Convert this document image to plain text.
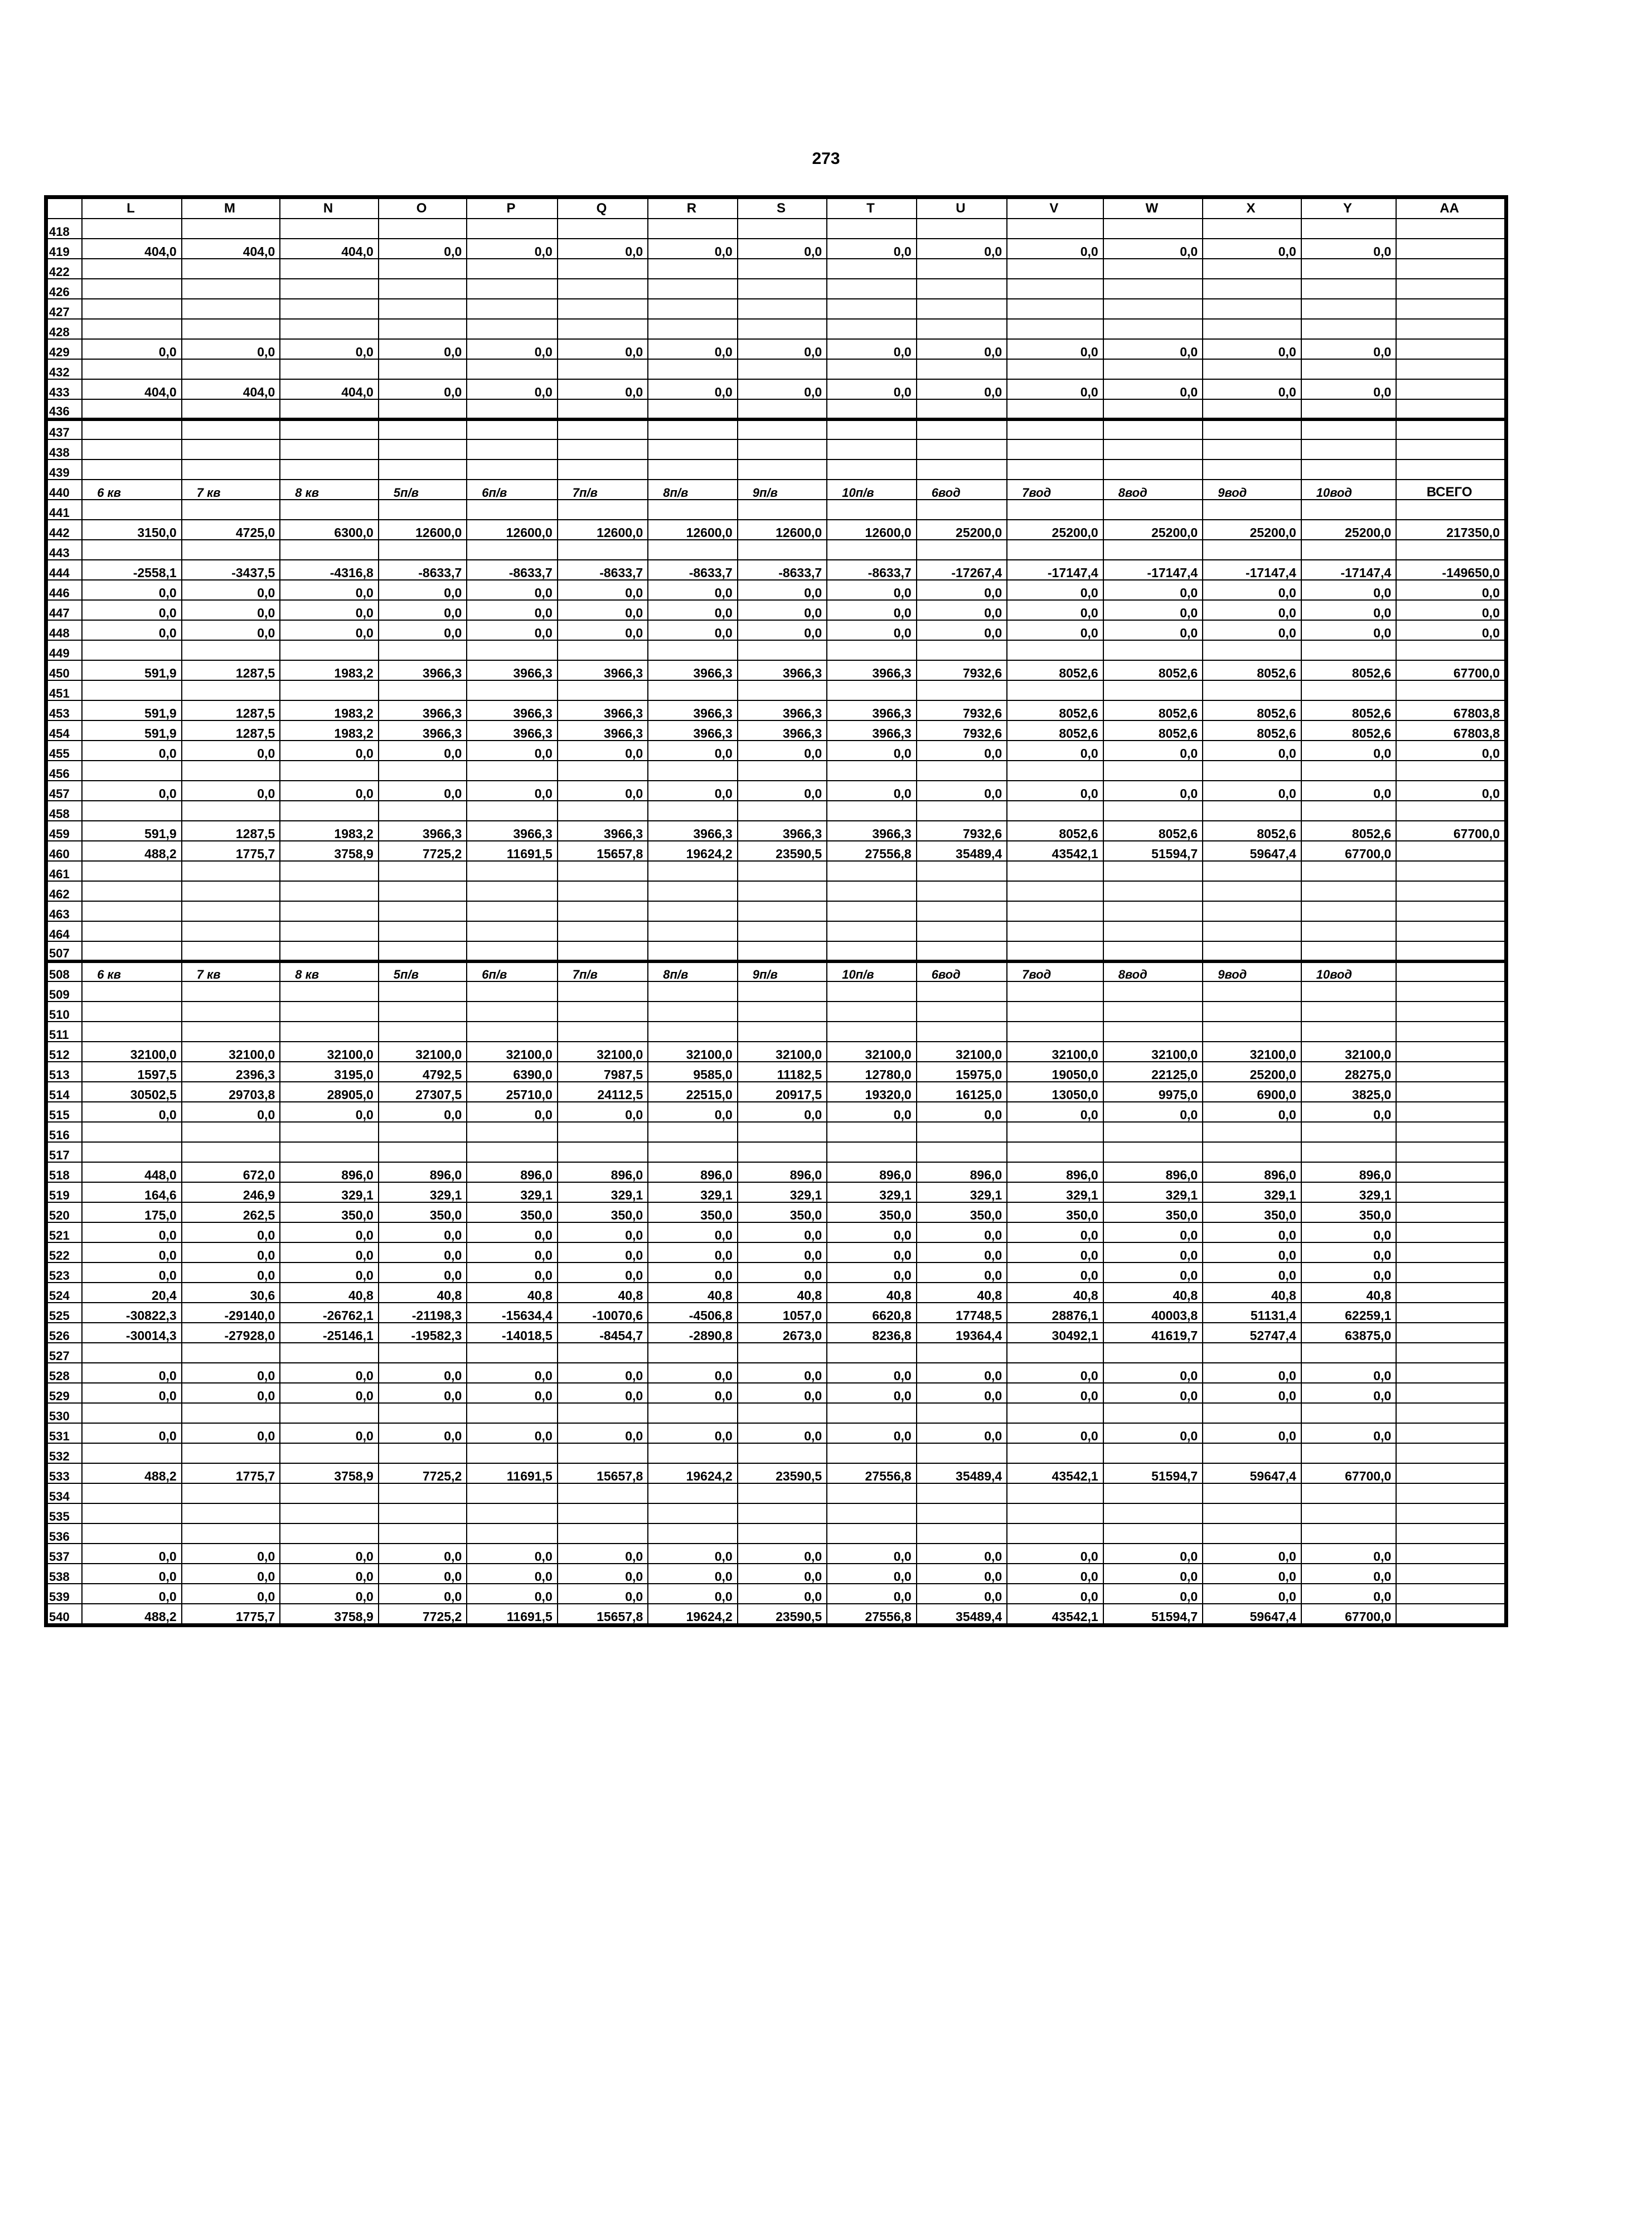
273
	L	M	N	O	P	Q	R	S	T	U	V	W	X	Y	AA
418															
419	404,0	404,0	404,0	0,0	0,0	0,0	0,0	0,0	0,0	0,0	0,0	0,0	0,0	0,0	
422															
426															
427															
428															
429	0,0	0,0	0,0	0,0	0,0	0,0	0,0	0,0	0,0	0,0	0,0	0,0	0,0	0,0	
432															
433	404,0	404,0	404,0	0,0	0,0	0,0	0,0	0,0	0,0	0,0	0,0	0,0	0,0	0,0	
436															
437															
438															
439															
440	6 кв	7 кв	8 кв	5п/в	6п/в	7п/в	8п/в	9п/в	10п/в	6вод	7вод	8вод	9вод	10вод	ВСЕГО
441															
442	3150,0	4725,0	6300,0	12600,0	12600,0	12600,0	12600,0	12600,0	12600,0	25200,0	25200,0	25200,0	25200,0	25200,0	217350,0
443															
444	-2558,1	-3437,5	-4316,8	-8633,7	-8633,7	-8633,7	-8633,7	-8633,7	-8633,7	-17267,4	-17147,4	-17147,4	-17147,4	-17147,4	-149650,0
446	0,0	0,0	0,0	0,0	0,0	0,0	0,0	0,0	0,0	0,0	0,0	0,0	0,0	0,0	0,0
447	0,0	0,0	0,0	0,0	0,0	0,0	0,0	0,0	0,0	0,0	0,0	0,0	0,0	0,0	0,0
448	0,0	0,0	0,0	0,0	0,0	0,0	0,0	0,0	0,0	0,0	0,0	0,0	0,0	0,0	0,0
449															
450	591,9	1287,5	1983,2	3966,3	3966,3	3966,3	3966,3	3966,3	3966,3	7932,6	8052,6	8052,6	8052,6	8052,6	67700,0
451															
453	591,9	1287,5	1983,2	3966,3	3966,3	3966,3	3966,3	3966,3	3966,3	7932,6	8052,6	8052,6	8052,6	8052,6	67803,8
454	591,9	1287,5	1983,2	3966,3	3966,3	3966,3	3966,3	3966,3	3966,3	7932,6	8052,6	8052,6	8052,6	8052,6	67803,8
455	0,0	0,0	0,0	0,0	0,0	0,0	0,0	0,0	0,0	0,0	0,0	0,0	0,0	0,0	0,0
456															
457	0,0	0,0	0,0	0,0	0,0	0,0	0,0	0,0	0,0	0,0	0,0	0,0	0,0	0,0	0,0
458															
459	591,9	1287,5	1983,2	3966,3	3966,3	3966,3	3966,3	3966,3	3966,3	7932,6	8052,6	8052,6	8052,6	8052,6	67700,0
460	488,2	1775,7	3758,9	7725,2	11691,5	15657,8	19624,2	23590,5	27556,8	35489,4	43542,1	51594,7	59647,4	67700,0	
461															
462															
463															
464															
507															
508	6 кв	7 кв	8 кв	5п/в	6п/в	7п/в	8п/в	9п/в	10п/в	6вод	7вод	8вод	9вод	10вод	
509															
510															
511															
512	32100,0	32100,0	32100,0	32100,0	32100,0	32100,0	32100,0	32100,0	32100,0	32100,0	32100,0	32100,0	32100,0	32100,0	
513	1597,5	2396,3	3195,0	4792,5	6390,0	7987,5	9585,0	11182,5	12780,0	15975,0	19050,0	22125,0	25200,0	28275,0	
514	30502,5	29703,8	28905,0	27307,5	25710,0	24112,5	22515,0	20917,5	19320,0	16125,0	13050,0	9975,0	6900,0	3825,0	
515	0,0	0,0	0,0	0,0	0,0	0,0	0,0	0,0	0,0	0,0	0,0	0,0	0,0	0,0	
516															
517															
518	448,0	672,0	896,0	896,0	896,0	896,0	896,0	896,0	896,0	896,0	896,0	896,0	896,0	896,0	
519	164,6	246,9	329,1	329,1	329,1	329,1	329,1	329,1	329,1	329,1	329,1	329,1	329,1	329,1	
520	175,0	262,5	350,0	350,0	350,0	350,0	350,0	350,0	350,0	350,0	350,0	350,0	350,0	350,0	
521	0,0	0,0	0,0	0,0	0,0	0,0	0,0	0,0	0,0	0,0	0,0	0,0	0,0	0,0	
522	0,0	0,0	0,0	0,0	0,0	0,0	0,0	0,0	0,0	0,0	0,0	0,0	0,0	0,0	
523	0,0	0,0	0,0	0,0	0,0	0,0	0,0	0,0	0,0	0,0	0,0	0,0	0,0	0,0	
524	20,4	30,6	40,8	40,8	40,8	40,8	40,8	40,8	40,8	40,8	40,8	40,8	40,8	40,8	
525	-30822,3	-29140,0	-26762,1	-21198,3	-15634,4	-10070,6	-4506,8	1057,0	6620,8	17748,5	28876,1	40003,8	51131,4	62259,1	
526	-30014,3	-27928,0	-25146,1	-19582,3	-14018,5	-8454,7	-2890,8	2673,0	8236,8	19364,4	30492,1	41619,7	52747,4	63875,0	
527															
528	0,0	0,0	0,0	0,0	0,0	0,0	0,0	0,0	0,0	0,0	0,0	0,0	0,0	0,0	
529	0,0	0,0	0,0	0,0	0,0	0,0	0,0	0,0	0,0	0,0	0,0	0,0	0,0	0,0	
530															
531	0,0	0,0	0,0	0,0	0,0	0,0	0,0	0,0	0,0	0,0	0,0	0,0	0,0	0,0	
532															
533	488,2	1775,7	3758,9	7725,2	11691,5	15657,8	19624,2	23590,5	27556,8	35489,4	43542,1	51594,7	59647,4	67700,0	
534															
535															
536															
537	0,0	0,0	0,0	0,0	0,0	0,0	0,0	0,0	0,0	0,0	0,0	0,0	0,0	0,0	
538	0,0	0,0	0,0	0,0	0,0	0,0	0,0	0,0	0,0	0,0	0,0	0,0	0,0	0,0	
539	0,0	0,0	0,0	0,0	0,0	0,0	0,0	0,0	0,0	0,0	0,0	0,0	0,0	0,0	
540	488,2	1775,7	3758,9	7725,2	11691,5	15657,8	19624,2	23590,5	27556,8	35489,4	43542,1	51594,7	59647,4	67700,0	
